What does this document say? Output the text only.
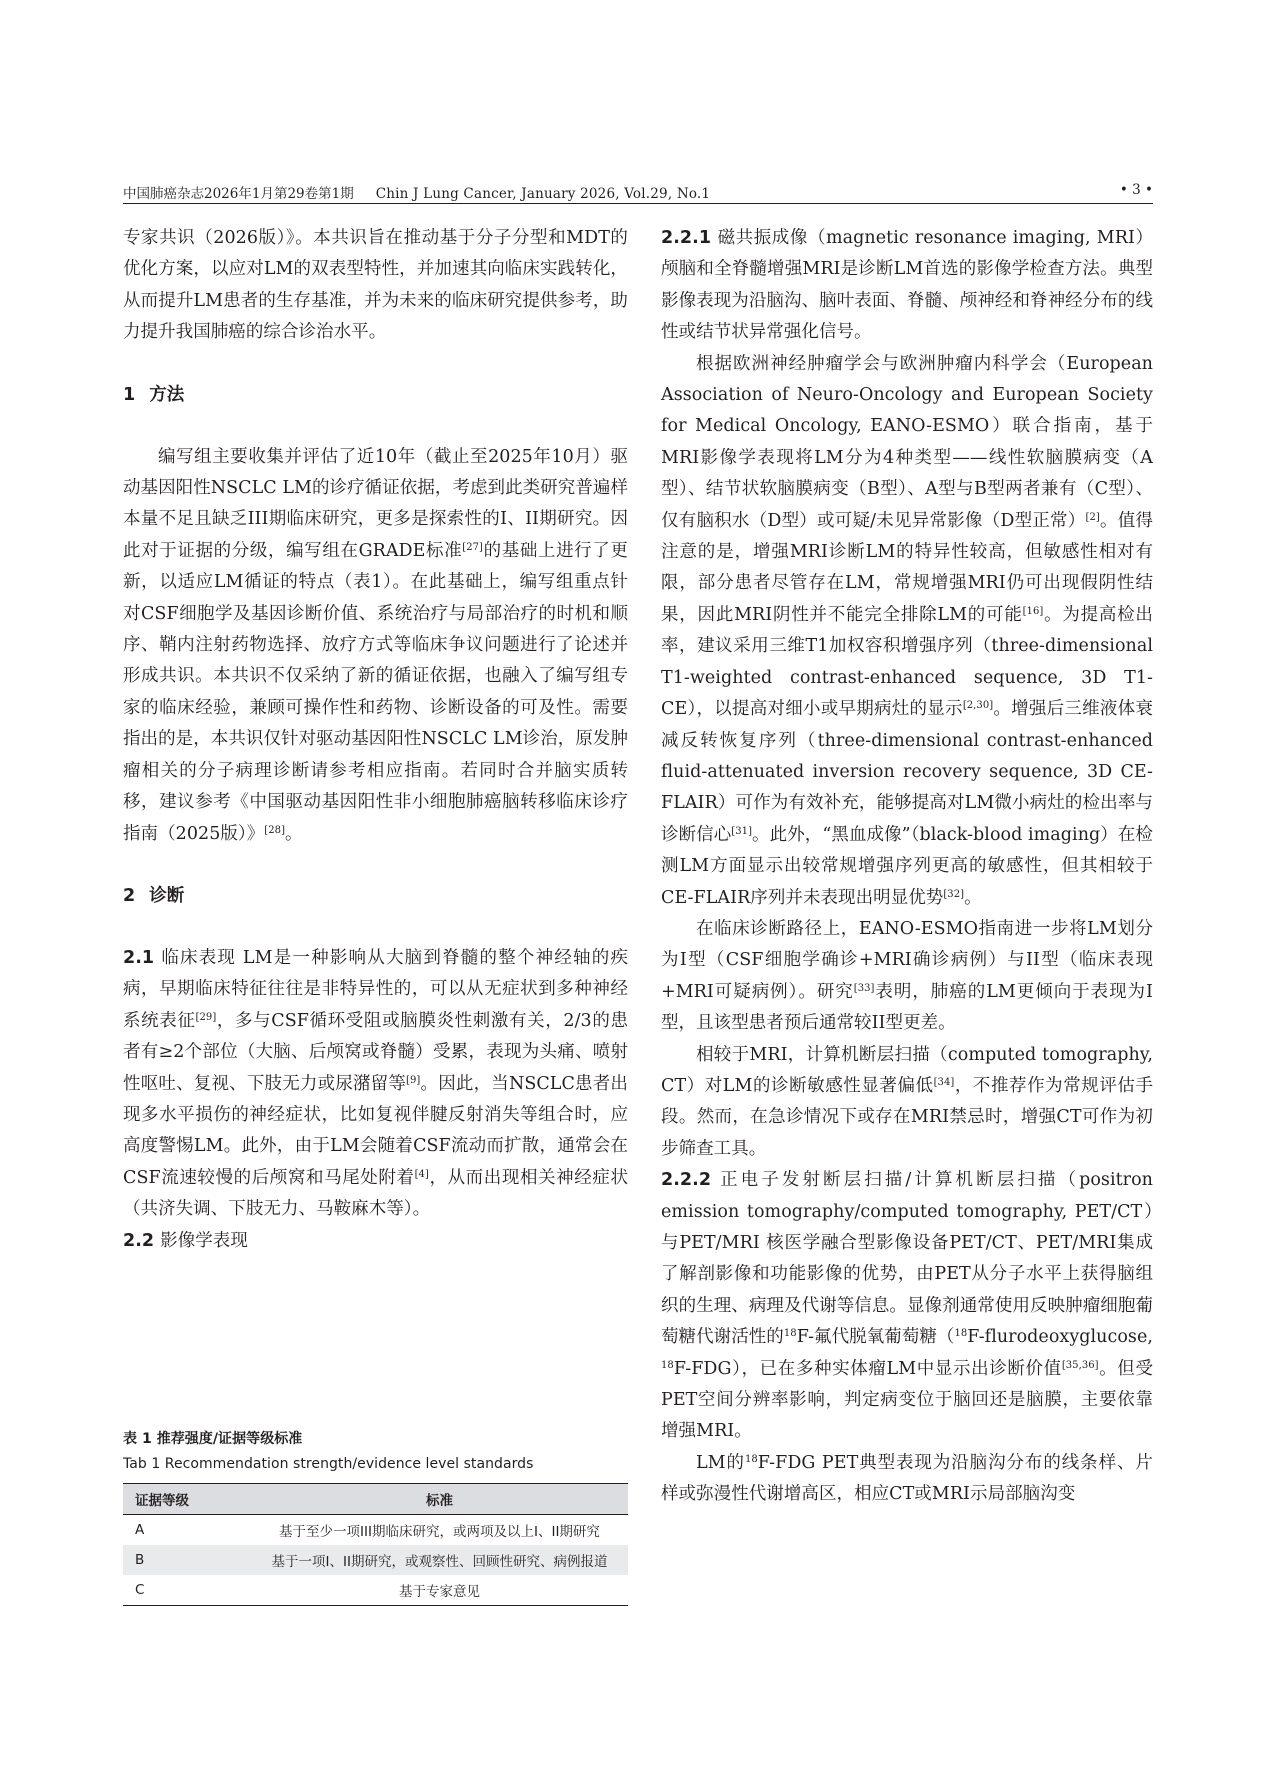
中国肺癌杂志2026年1月第29卷第1期 Chin J Lung Cancer, January 2026, Vol.29, No.1	• 3 •

专家共识（2026版）》。本共识旨在推动基于分子分型和MDT的优化方案，以应对LM的双表型特性，并加速其向临床实践转化，从而提升LM患者的生存基准，并为未来的临床研究提供参考，助力提升我国肺癌的综合诊治水平。

1 方法

编写组主要收集并评估了近10年（截止至2025年10月）驱动基因阳性NSCLC LM的诊疗循证依据，考虑到此类研究普遍样本量不足且缺乏III期临床研究，更多是探索性的I、II期研究。因此对于证据的分级，编写组在GRADE标准[27]的基础上进行了更新，以适应LM循证的特点（表1）。在此基础上，编写组重点针对CSF细胞学及基因诊断价值、系统治疗与局部治疗的时机和顺序、鞘内注射药物选择、放疗方式等临床争议问题进行了论述并形成共识。本共识不仅采纳了新的循证依据，也融入了编写组专家的临床经验，兼顾可操作性和药物、诊断设备的可及性。需要指出的是，本共识仅针对驱动基因阳性NSCLC LM诊治，原发肿瘤相关的分子病理诊断请参考相应指南。若同时合并脑实质转移，建议参考《中国驱动基因阳性非小细胞肺癌脑转移临床诊疗指南（2025版）》[28]。

2 诊断

2.1 临床表现 LM是一种影响从大脑到脊髓的整个神经轴的疾病，早期临床特征往往是非特异性的，可以从无症状到多种神经系统表征[29]，多与CSF循环受阻或脑膜炎性刺激有关，2/3的患者有≥2个部位（大脑、后颅窝或脊髓）受累，表现为头痛、喷射性呕吐、复视、下肢无力或尿潴留等[9]。因此，当NSCLC患者出现多水平损伤的神经症状，比如复视伴腱反射消失等组合时，应高度警惕LM。此外，由于LM会随着CSF流动而扩散，通常会在CSF流速较慢的后颅窝和马尾处附着[4]，从而出现相关神经症状（共济失调、下肢无力、马鞍麻木等）。

2.2 影像学表现

表 1 推荐强度/证据等级标准

Tab 1 Recommendation strength/evidence level standards

证据等级	标准
A	基于至少一项III期临床研究，或两项及以上I、II期研究
B	基于一项I、II期研究，或观察性、回顾性研究、病例报道
C	基于专家意见

2.2.1 磁共振成像（magnetic resonance imaging, MRI） 颅脑和全脊髓增强MRI是诊断LM首选的影像学检查方法。典型影像表现为沿脑沟、脑叶表面、脊髓、颅神经和脊神经分布的线性或结节状异常强化信号。

根据欧洲神经肿瘤学会与欧洲肿瘤内科学会（European Association of Neuro-Oncology and European Society for Medical Oncology, EANO-ESMO）联合指南，基于MRI影像学表现将LM分为4种类型——线性软脑膜病变（A型）、结节状软脑膜病变（B型）、A型与B型两者兼有（C型）、仅有脑积水（D型）或可疑/未见异常影像（D型正常）[2]。值得注意的是，增强MRI诊断LM的特异性较高，但敏感性相对有限，部分患者尽管存在LM，常规增强MRI仍可出现假阴性结果，因此MRI阴性并不能完全排除LM的可能[16]。为提高检出率，建议采用三维T1加权容积增强序列（three-dimensional T1-weighted contrast-enhanced sequence, 3D T1-CE），以提高对细小或早期病灶的显示[2,30]。增强后三维液体衰减反转恢复序列（three-dimensional contrast-enhanced fluid-attenuated inversion recovery sequence, 3D CE-FLAIR）可作为有效补充，能够提高对LM微小病灶的检出率与诊断信心[31]。此外，“黑血成像”（black-blood imaging）在检测LM方面显示出较常规增强序列更高的敏感性，但其相较于CE-FLAIR序列并未表现出明显优势[32]。

在临床诊断路径上，EANO-ESMO指南进一步将LM划分为I型（CSF细胞学确诊+MRI确诊病例）与II型（临床表现+MRI可疑病例）。研究[33]表明，肺癌的LM更倾向于表现为I型，且该型患者预后通常较II型更差。

相较于MRI，计算机断层扫描（computed tomography, CT）对LM的诊断敏感性显著偏低[34]，不推荐作为常规评估手段。然而，在急诊情况下或存在MRI禁忌时，增强CT可作为初步筛查工具。

2.2.2 正电子发射断层扫描/计算机断层扫描（positron emission tomography/computed tomography, PET/CT）与PET/MRI 核医学融合型影像设备PET/CT、PET/MRI集成了解剖影像和功能影像的优势，由PET从分子水平上获得脑组织的生理、病理及代谢等信息。显像剂通常使用反映肿瘤细胞葡萄糖代谢活性的$^{18}$F-氟代脱氧葡萄糖（$^{18}$F-flurodeoxyglucose, $^{18}$F-FDG），已在多种实体瘤LM中显示出诊断价值[35,36]。但受PET空间分辨率影响，判定病变位于脑回还是脑膜，主要依靠增强MRI。

LM的$^{18}$F-FDG PET典型表现为沿脑沟分布的线条样、片样或弥漫性代谢增高区，相应CT或MRI示局部脑沟变
